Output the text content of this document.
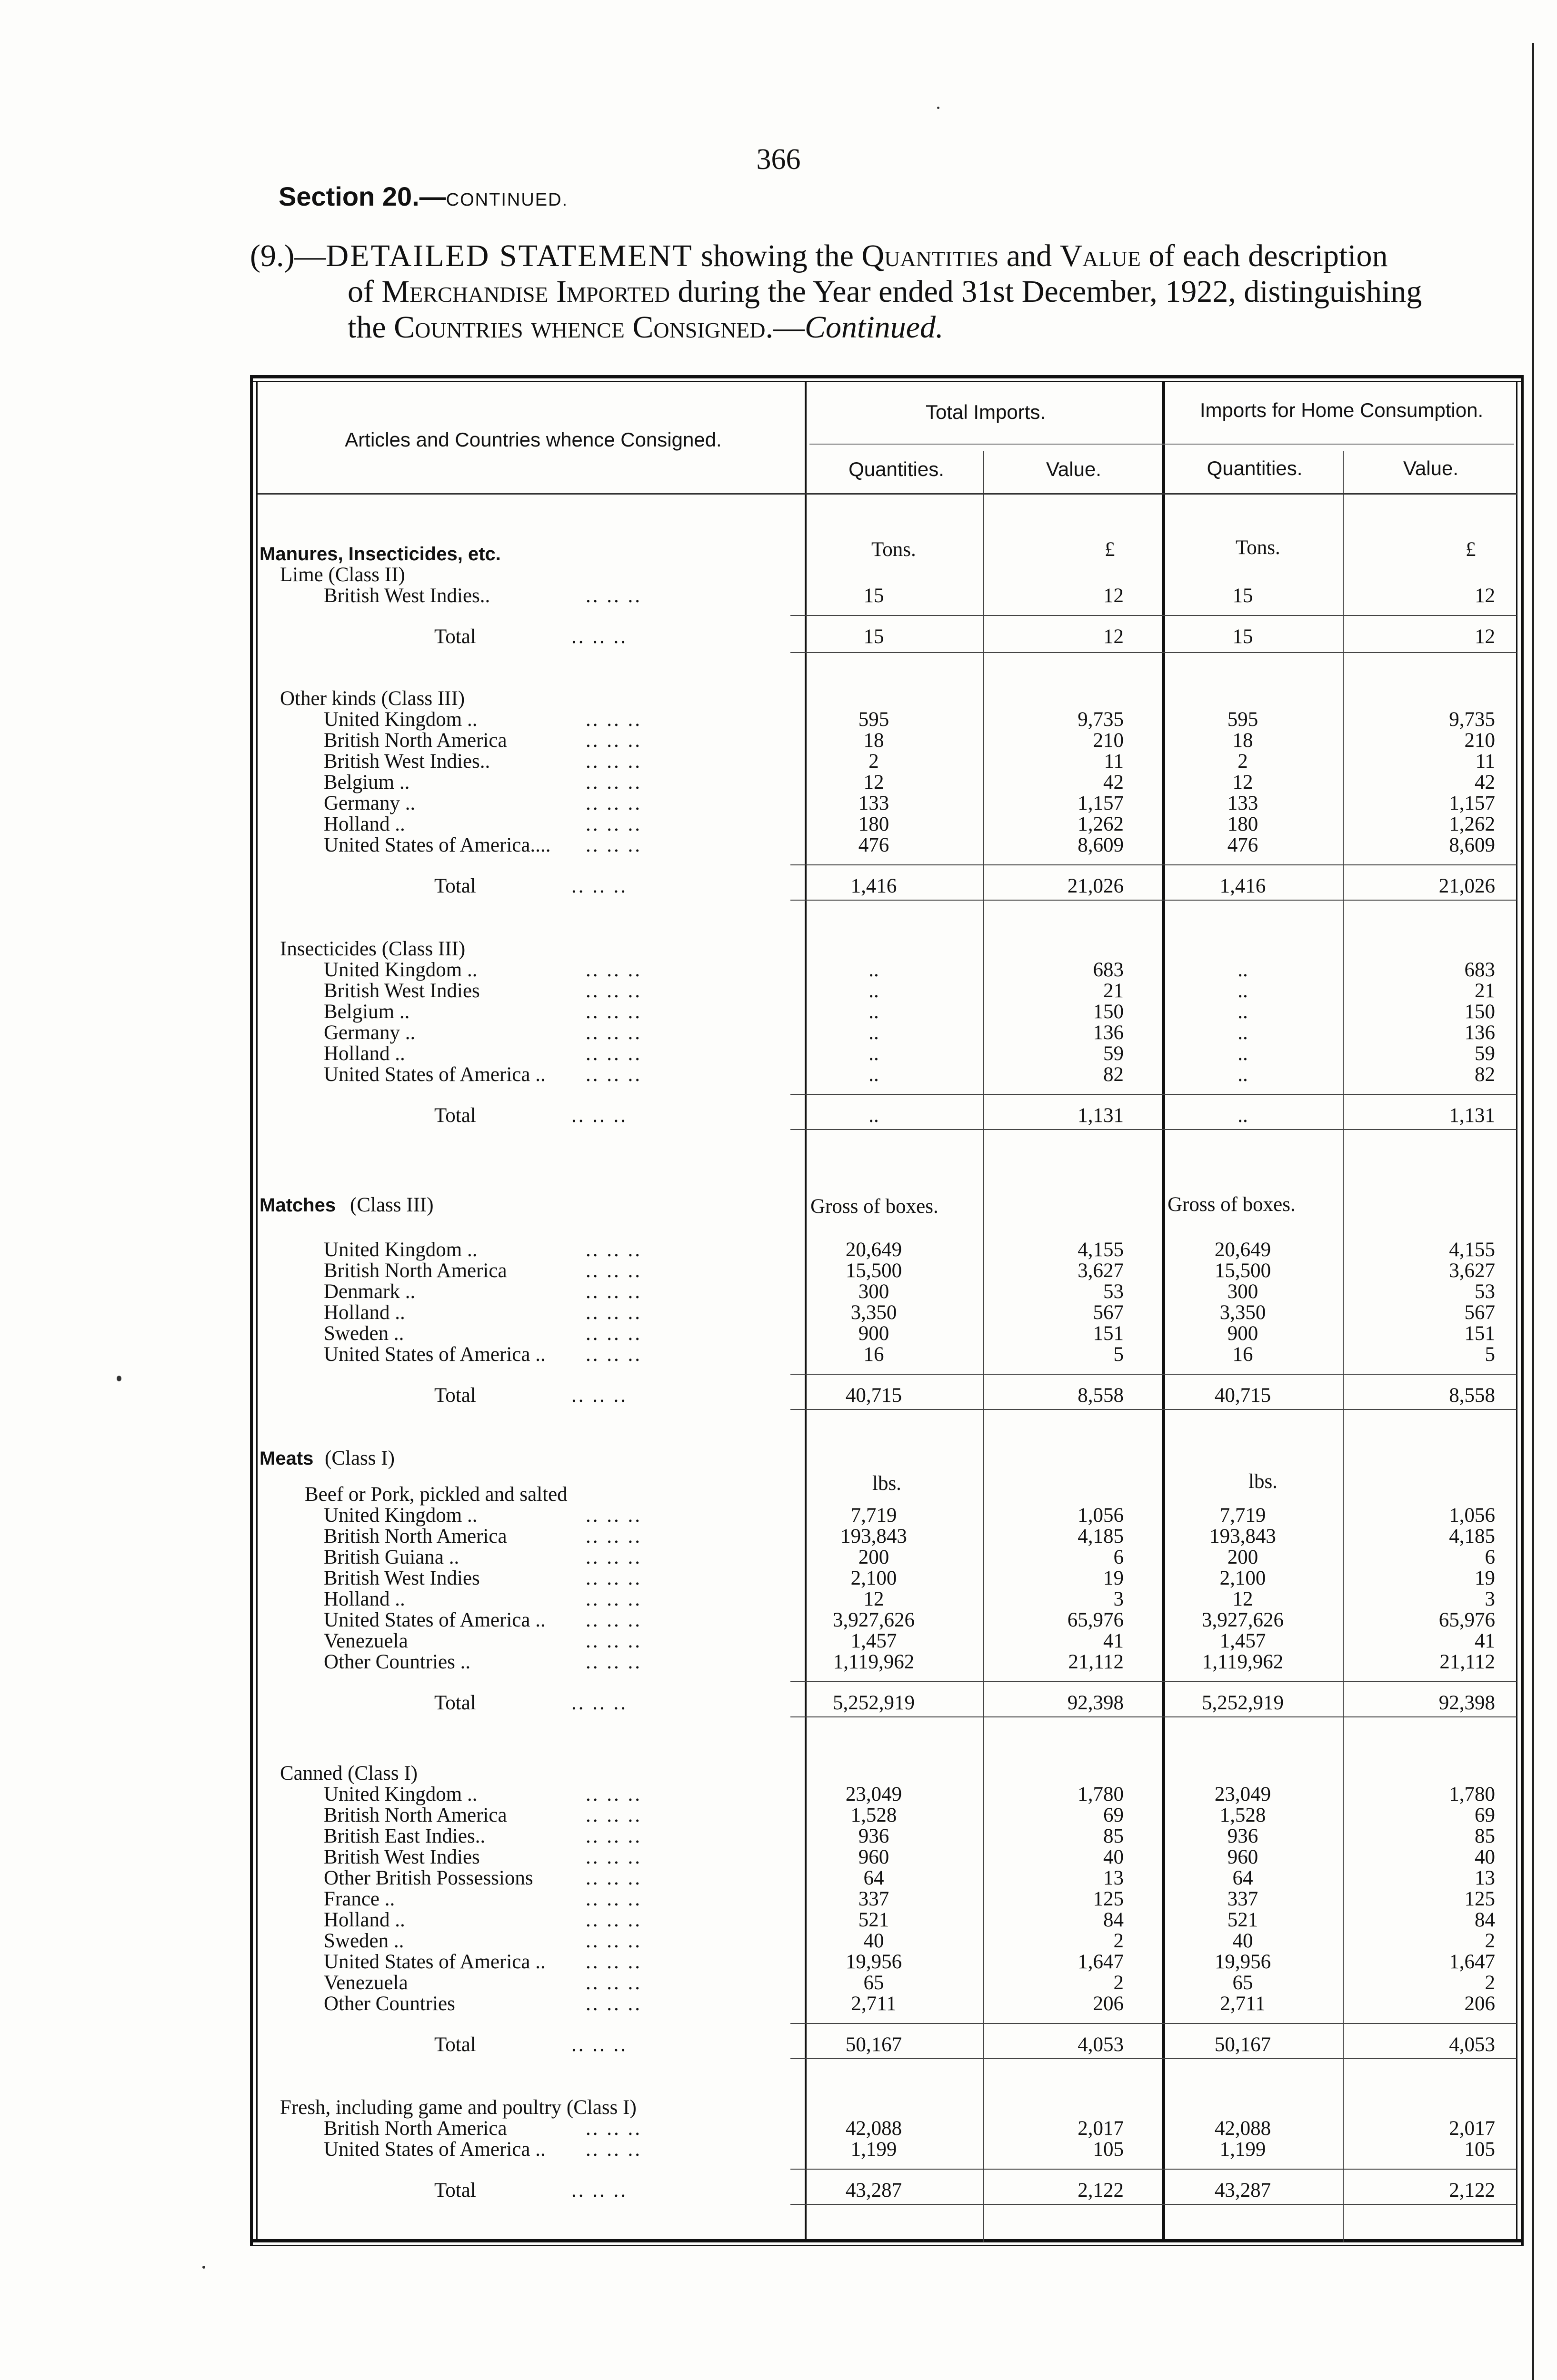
366
Section 20.—CONTINUED.
(9.)—DETAILED STATEMENT showing the Quantities and Value of each description
of Merchandise Imported during the Year ended 31st December, 1922, distinguishing
the Countries whence Consigned.—Continued.
Articles and Countries whence Consigned.
Total Imports.	Imports for Home Consumption.
Quantities.	Value.	Quantities.	Value.
Tons.	£	Tons.	£
Gross of boxes.	Gross of boxes.
lbs.	lbs.
Manures, Insecticides, etc.
Lime (Class II)
British West Indies..	.. .. ..	15	12	15	12
Total	.. .. ..	15	12	15	12
Other kinds (Class III)
United Kingdom ..	.. .. ..	595	9,735	595	9,735
British North America	.. .. ..	18	210	18	210
British West Indies..	.. .. ..	2	11	2	11
Belgium ..	.. .. ..	12	42	12	42
Germany ..	.. .. ..	133	1,157	133	1,157
Holland ..	.. .. ..	180	1,262	180	1,262
United States of America.... .. .. ..	476	8,609	476	8,609
Total	.. .. ..	1,416	21,026	1,416	21,026
Insecticides (Class III)
United Kingdom ..	.. .. ..	..	683	..	683
British West Indies	.. .. ..	..	21	..	21
Belgium ..	.. .. ..	..	150	..	150
Germany ..	.. .. ..	..	136	..	136
Holland ..	.. .. ..	..	59	..	59
United States of America .. .. .. ..	..	82	..	82
Total	.. .. ..	..	1,131	..	1,131
Matches (Class III)
United Kingdom ..	.. .. ..	20,649	4,155	20,649	4,155
British North America	.. .. ..	15,500	3,627	15,500	3,627
Denmark ..	.. .. ..	300	53	300	53
Holland ..	.. .. ..	3,350	567	3,350	567
Sweden ..	.. .. ..	900	151	900	151
United States of America .. .. .. ..	16	5	16	5
Total	.. .. ..	40,715	8,558	40,715	8,558
Meats (Class I)
Beef or Pork, pickled and salted
United Kingdom ..	.. .. ..	7,719	1,056	7,719	1,056
British North America	.. .. ..	193,843	4,185	193,843	4,185
British Guiana ..	.. .. ..	200	6	200	6
British West Indies	.. .. ..	2,100	19	2,100	19
Holland ..	.. .. ..	12	3	12	3
United States of America .. .. .. ..	3,927,626	65,976	3,927,626	65,976
Venezuela	.. .. ..	1,457	41	1,457	41
Other Countries ..	.. .. ..	1,119,962	21,112	1,119,962	21,112
Total	.. .. ..	5,252,919	92,398	5,252,919	92,398
Canned (Class I)
United Kingdom ..	.. .. ..	23,049	1,780	23,049	1,780
British North America	.. .. ..	1,528	69	1,528	69
British East Indies..	.. .. ..	936	85	936	85
British West Indies	.. .. ..	960	40	960	40
Other British Possessions	.. .. ..	64	13	64	13
France ..	.. .. ..	337	125	337	125
Holland ..	.. .. ..	521	84	521	84
Sweden ..	.. .. ..	40	2	40	2
United States of America .. .. .. ..	19,956	1,647	19,956	1,647
Venezuela	.. .. ..	65	2	65	2
Other Countries	.. .. ..	2,711	206	2,711	206
Total	.. .. ..	50,167	4,053	50,167	4,053
Fresh, including game and poultry (Class I)
British North America	.. .. ..	42,088	2,017	42,088	2,017
United States of America .. .. .. ..	1,199	105	1,199	105
Total	.. .. ..	43,287	2,122	43,287	2,122
